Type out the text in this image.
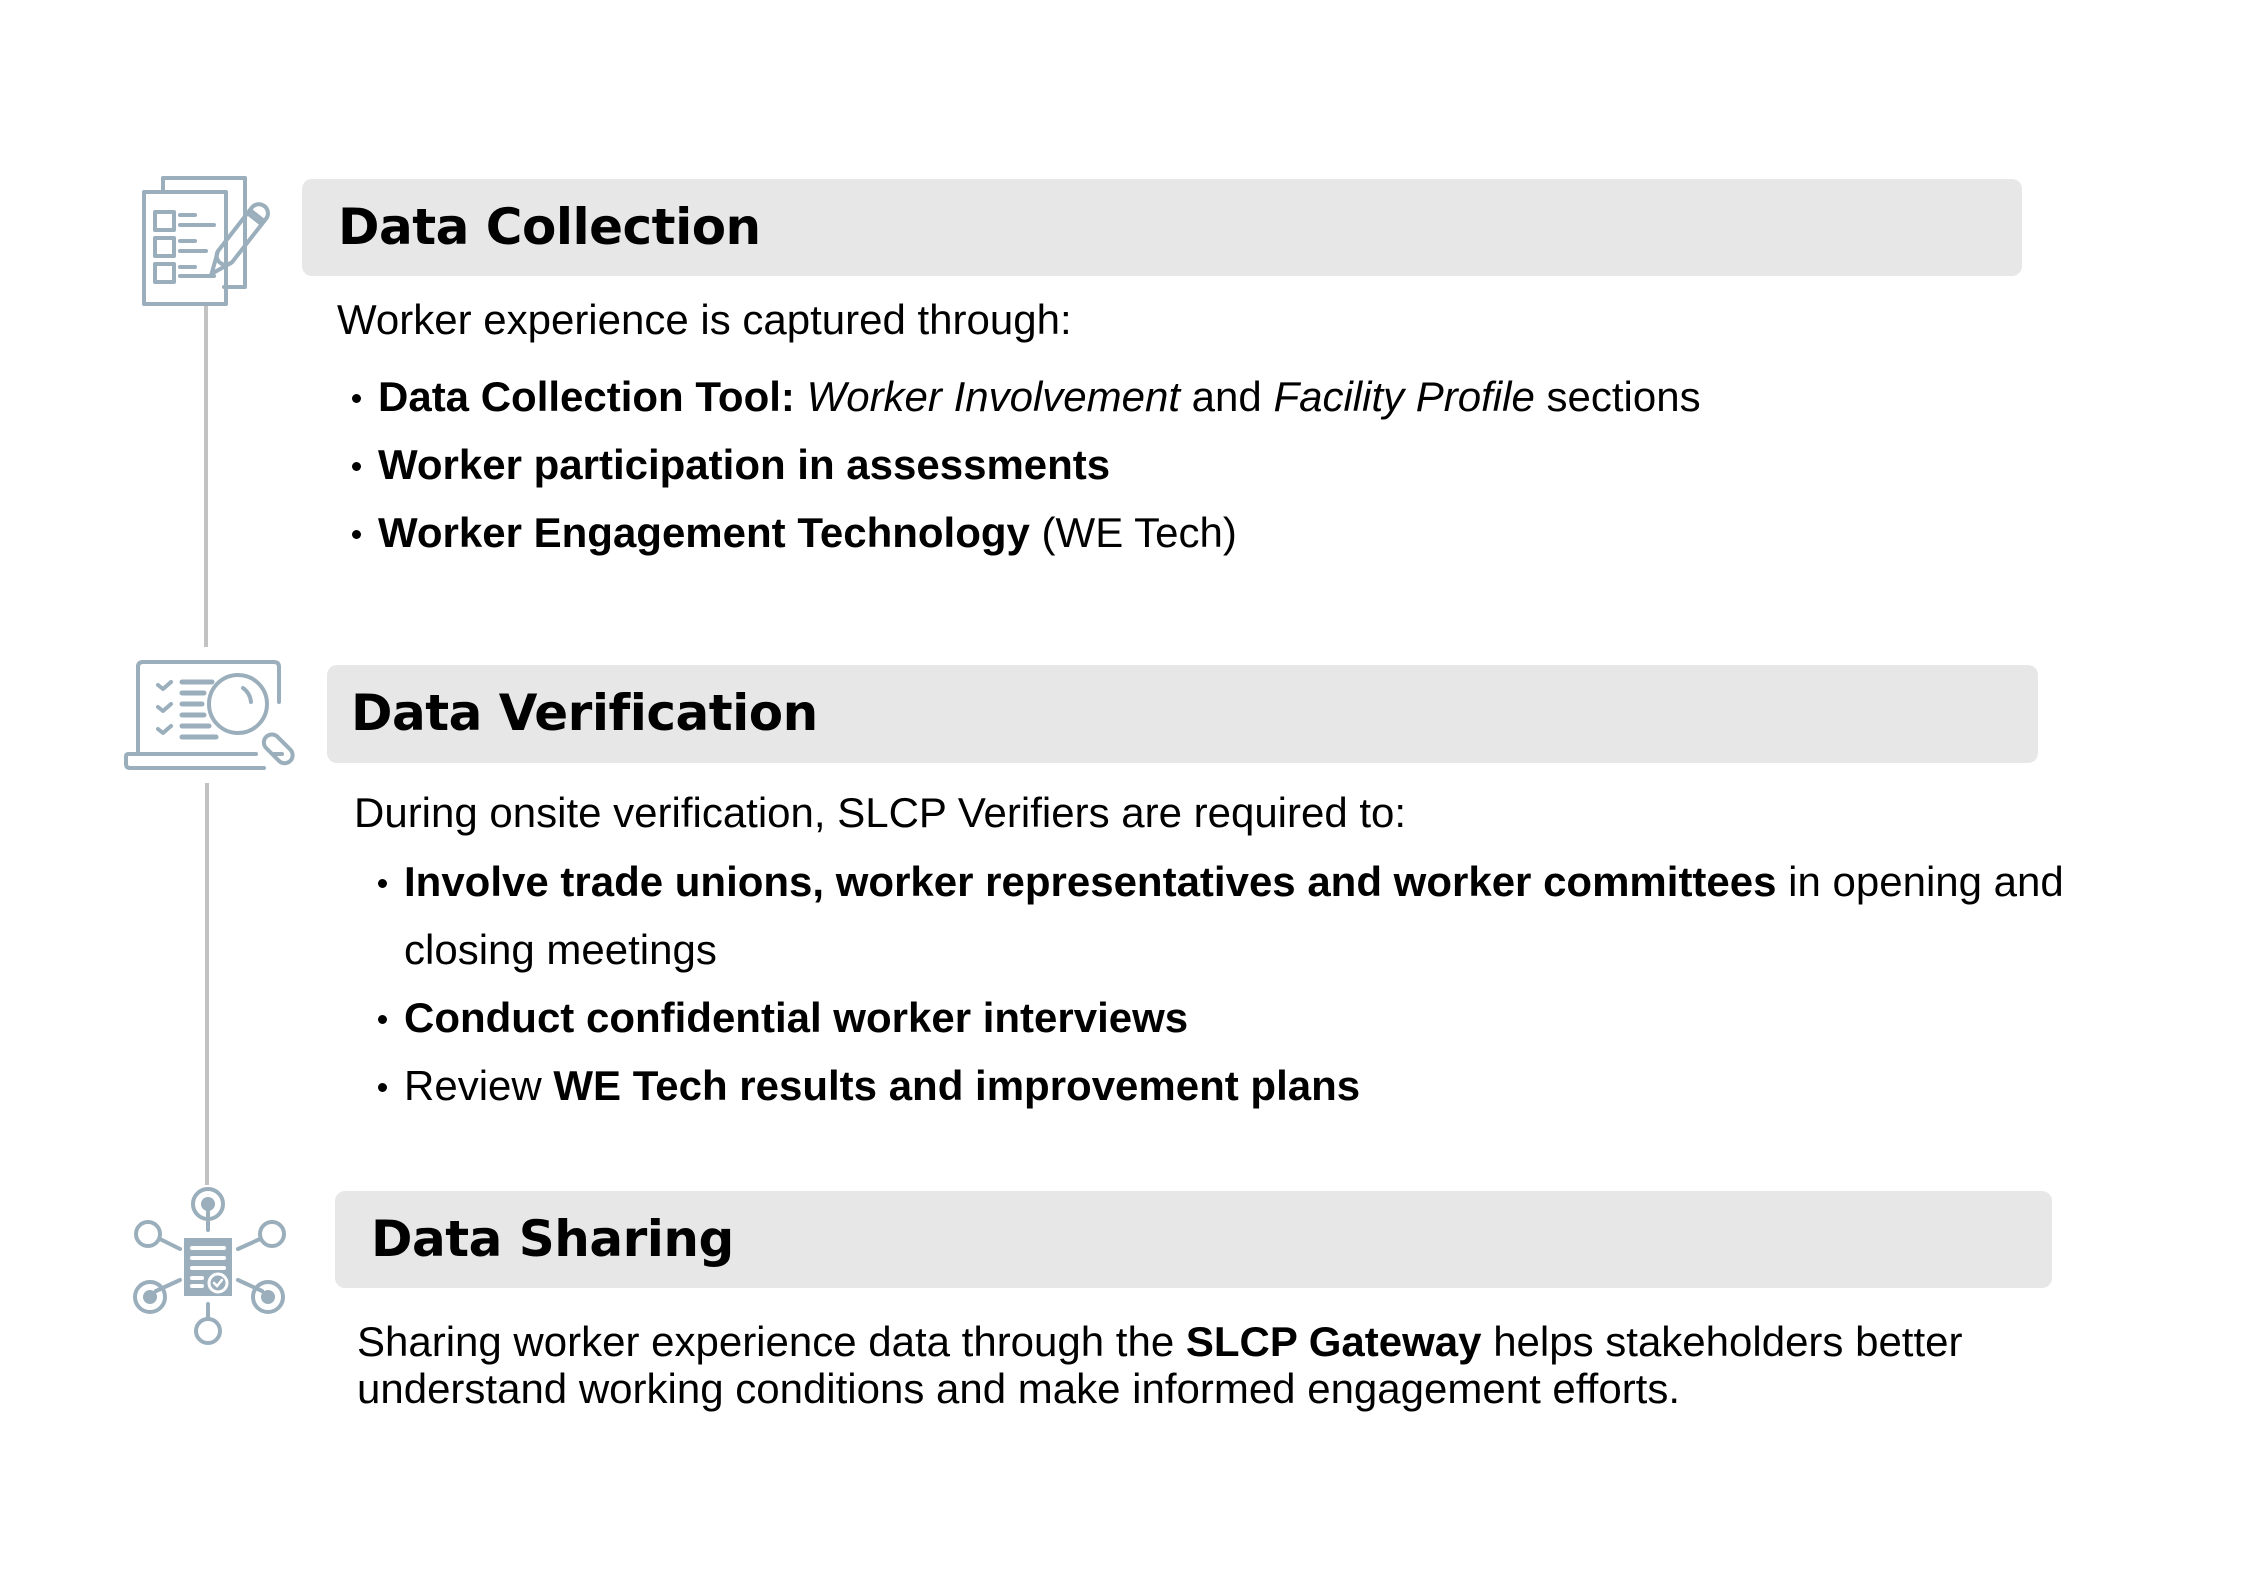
Data Collection
Worker experience is captured through:
Data Collection Tool: Worker Involvement and Facility Profile sections
Worker participation in assessments
Worker Engagement Technology (WE Tech)
Data Verification
During onsite verification, SLCP Verifiers are required to:
Involve trade unions, worker representatives and worker committees in opening and closing meetings
Conduct confidential worker interviews
Review WE Tech results and improvement plans
Data Sharing
Sharing worker experience data through the SLCP Gateway helps stakeholders better understand working conditions and make informed engagement efforts.
